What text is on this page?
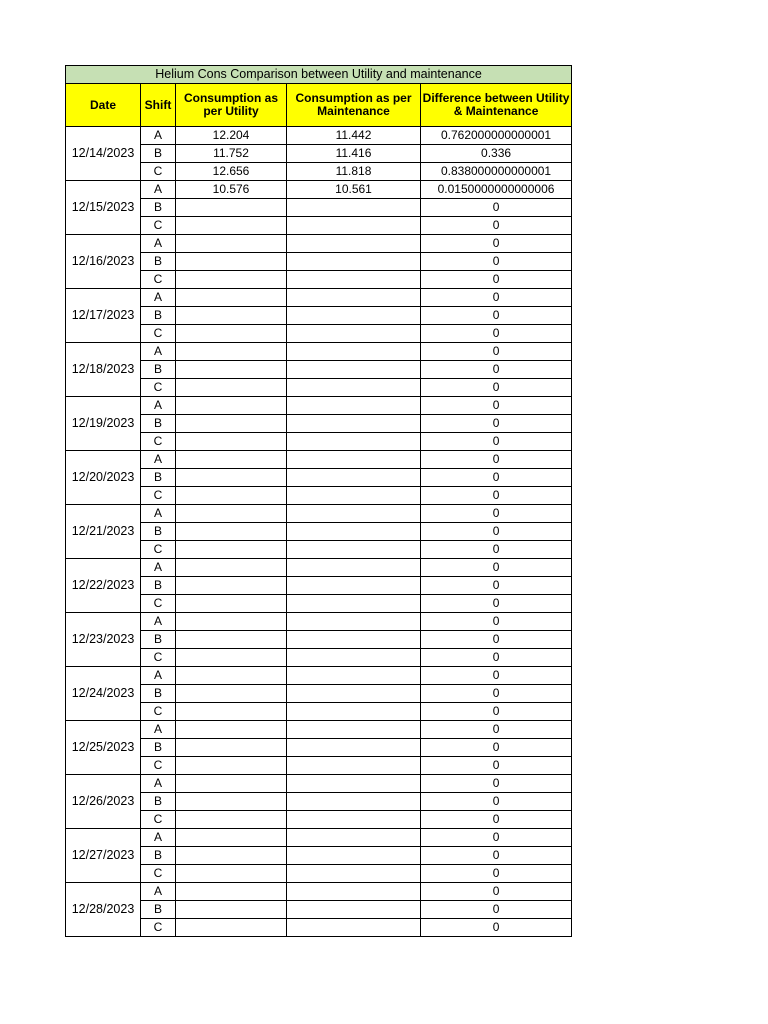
Helium Cons Comparison between Utility and maintenance				
Date	Shift	Consumption as per Utility	Consumption as per Maintenance	Difference between Utility & Maintenance
12/14/2023	A	12.204	11.442	0.762000000000001
	B	11.752	11.416	0.336
	C	12.656	11.818	0.838000000000001
12/15/2023	A	10.576	10.561	0.0150000000000006
	B			0
	C			0
12/16/2023	A			0
	B			0
	C			0
12/17/2023	A			0
	B			0
	C			0
12/18/2023	A			0
	B			0
	C			0
12/19/2023	A			0
	B			0
	C			0
12/20/2023	A			0
	B			0
	C			0
12/21/2023	A			0
	B			0
	C			0
12/22/2023	A			0
	B			0
	C			0
12/23/2023	A			0
	B			0
	C			0
12/24/2023	A			0
	B			0
	C			0
12/25/2023	A			0
	B			0
	C			0
12/26/2023	A			0
	B			0
	C			0
12/27/2023	A			0
	B			0
	C			0
12/28/2023	A			0
	B			0
	C			0
